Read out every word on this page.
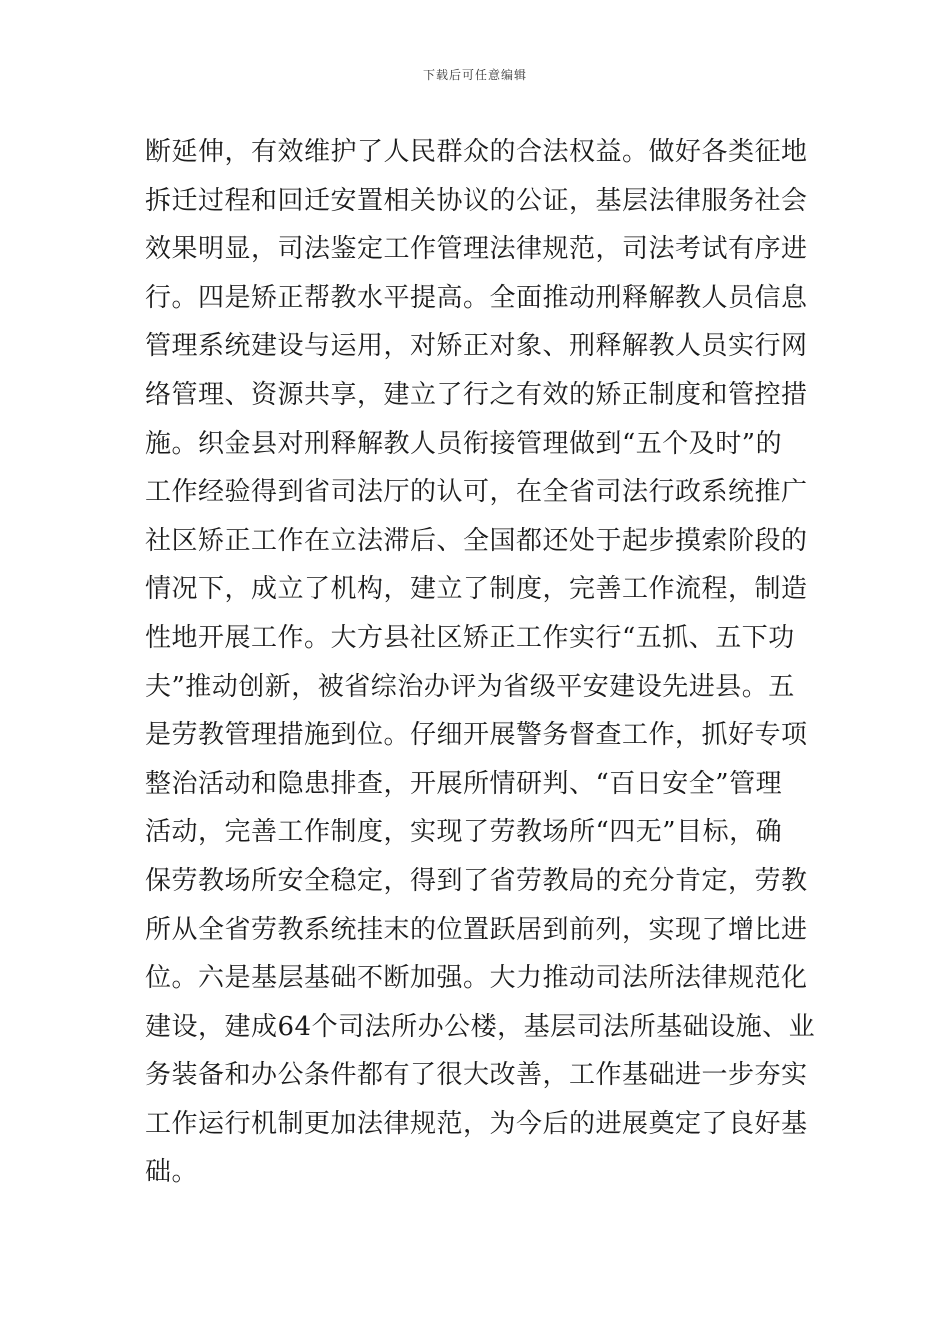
下载后可任意编辑
断延伸，有效维护了人民群众的合法权益。做好各类征地
拆迁过程和回迁安置相关协议的公证，基层法律服务社会
效果明显，司法鉴定工作管理法律规范，司法考试有序进
行。四是矫正帮教水平提高。全面推动刑释解教人员信息
管理系统建设与运用，对矫正对象、刑释解教人员实行网
络管理、资源共享，建立了行之有效的矫正制度和管控措
施。织金县对刑释解教人员衔接管理做到“五个及时”的
工作经验得到省司法厅的认可，在全省司法行政系统推广
社区矫正工作在立法滞后、全国都还处于起步摸索阶段的
情况下，成立了机构，建立了制度，完善工作流程，制造
性地开展工作。大方县社区矫正工作实行“五抓、五下功
夫”推动创新，被省综治办评为省级平安建设先进县。五
是劳教管理措施到位。仔细开展警务督查工作，抓好专项
整治活动和隐患排查，开展所情研判、“百日安全”管理
活动，完善工作制度，实现了劳教场所“四无”目标，确
保劳教场所安全稳定，得到了省劳教局的充分肯定，劳教
所从全省劳教系统挂末的位置跃居到前列，实现了增比进
位。六是基层基础不断加强。大力推动司法所法律规范化
建设，建成64个司法所办公楼，基层司法所基础设施、业
务装备和办公条件都有了很大改善，工作基础进一步夯实
工作运行机制更加法律规范，为今后的进展奠定了良好基
础。
